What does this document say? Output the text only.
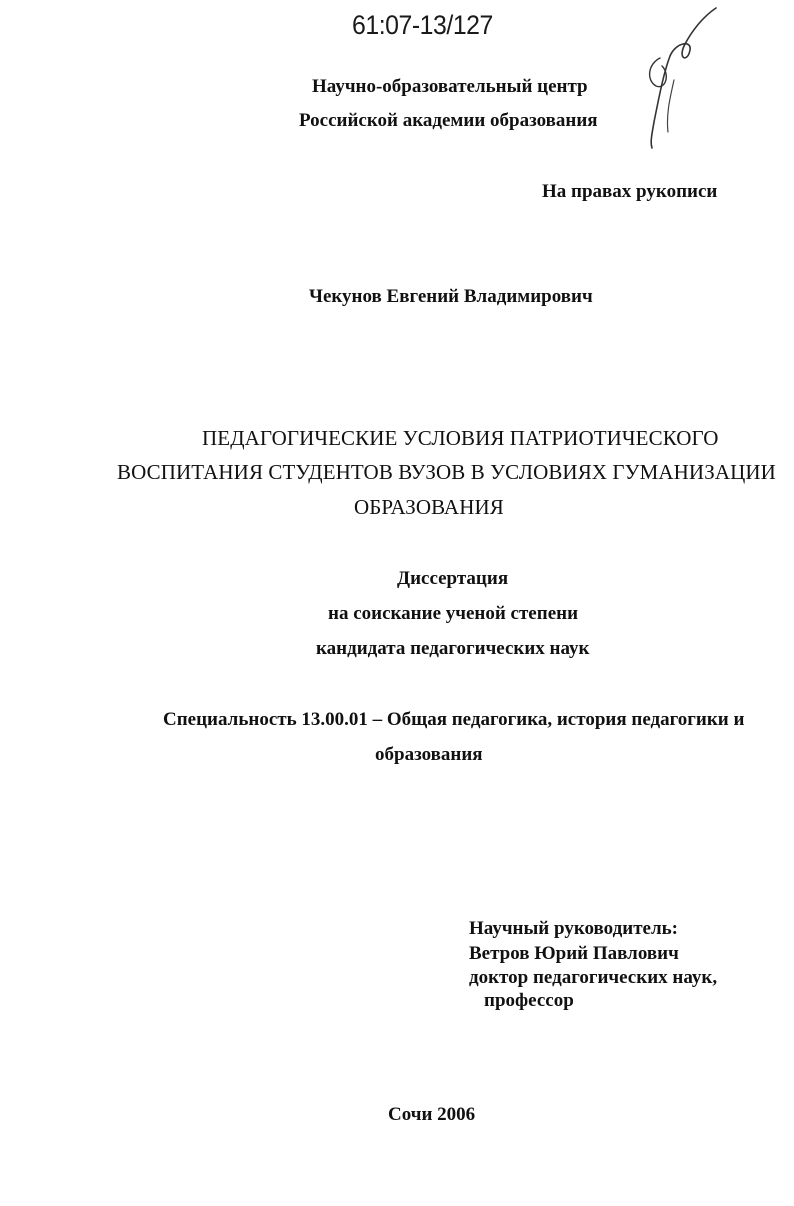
61:07-13/127
Научно-образовательный центр
Российской академии образования
На правах рукописи
Чекунов Евгений Владимирович
ПЕДАГОГИЧЕСКИЕ УСЛОВИЯ ПАТРИОТИЧЕСКОГО
ВОСПИТАНИЯ СТУДЕНТОВ ВУЗОВ В УСЛОВИЯХ ГУМАНИЗАЦИИ
ОБРАЗОВАНИЯ
Диссертация
на соискание ученой степени
кандидата педагогических наук
Специальность 13.00.01 – Общая педагогика, история педагогики и
образования
Научный руководитель:
Ветров Юрий Павлович
доктор педагогических наук,
профессор
Сочи 2006
